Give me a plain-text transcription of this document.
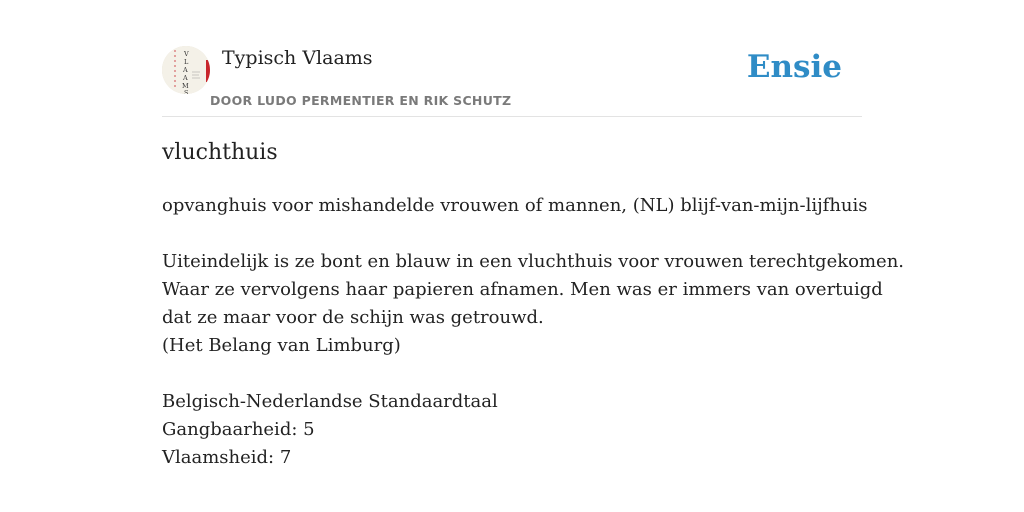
V
L
A
A
M
S
Typisch Vlaams
DOOR LUDO PERMENTIER EN RIK SCHUTZ
Ensie
vluchthuis
opvanghuis voor mishandelde vrouwen of mannen, (NL) blijf-van-mijn-lijfhuis
Uiteindelijk is ze bont en blauw in een vluchthuis voor vrouwen terechtgekomen.
Waar ze vervolgens haar papieren afnamen. Men was er immers van overtuigd
dat ze maar voor de schijn was getrouwd.
(Het Belang van Limburg)
Belgisch-Nederlandse Standaardtaal
Gangbaarheid: 5
Vlaamsheid: 7
